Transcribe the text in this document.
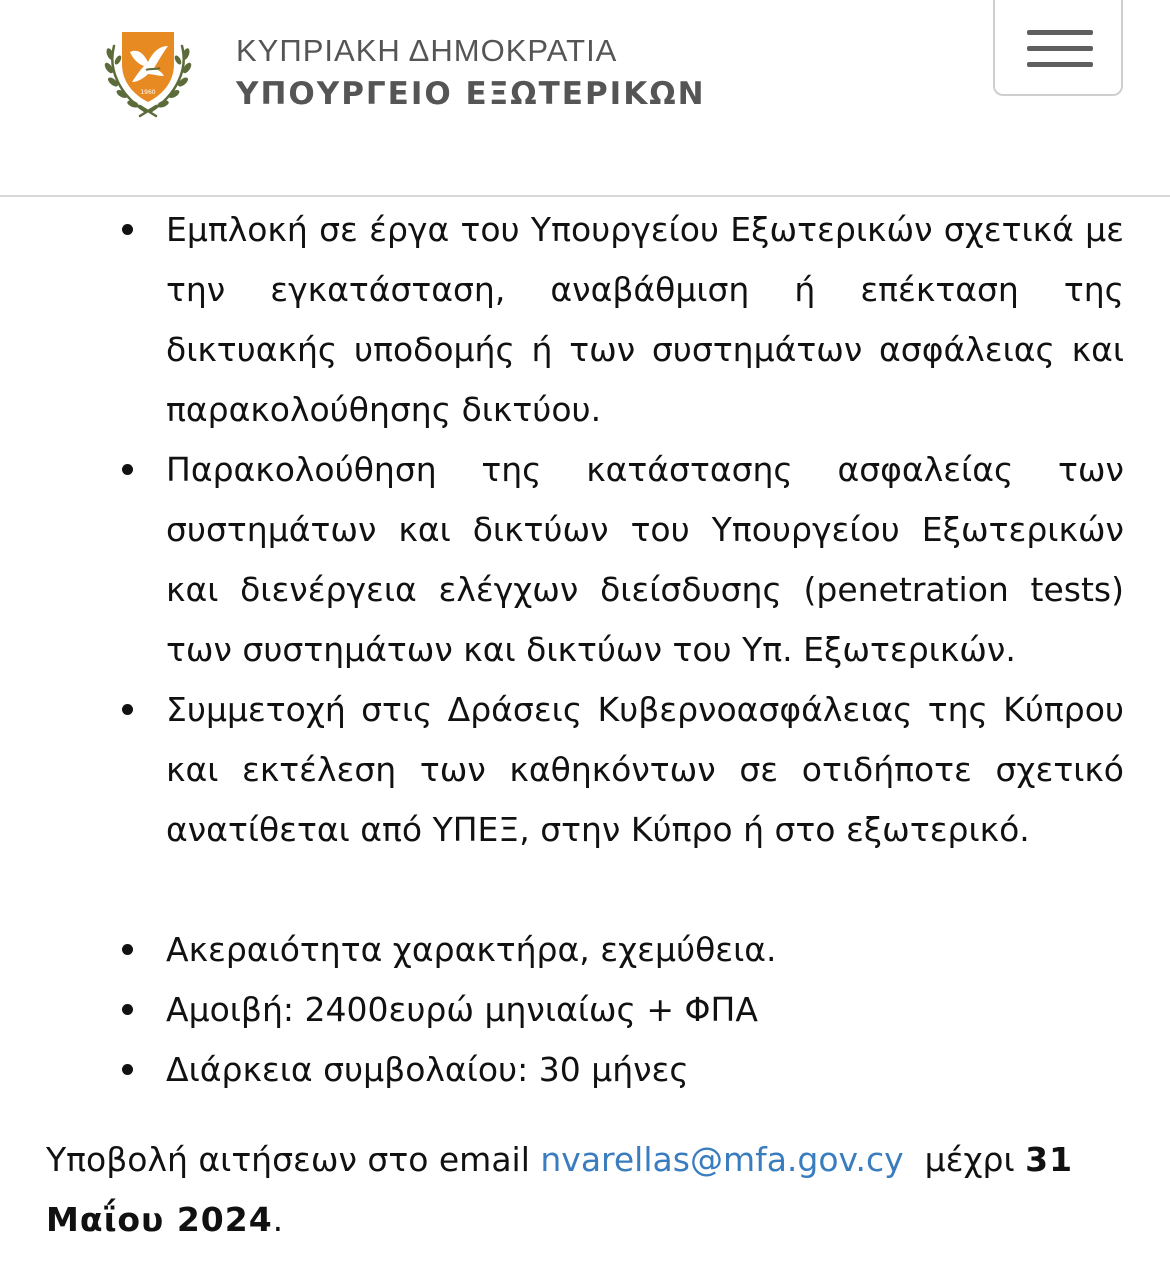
1960
ΚΥΠΡΙΑΚΗ ΔΗΜΟΚΡΑΤΙΑ
ΥΠΟΥΡΓΕΙΟ ΕΞΩΤΕΡΙΚΩΝ
Εμπλοκή σε έργα του Υπουργείου Εξωτερικών σχετικά με την εγκατάσταση, αναβάθμιση ή επέκταση της δικτυακής υποδομής ή των συστημάτων ασφάλειας και παρακολούθησης δικτύου.
Παρακολούθηση της κατάστασης ασφαλείας των συστημάτων και δικτύων του Υπουργείου Εξωτερικών και διενέργεια ελέγχων διείσδυσης (penetration tests) των συστημάτων και δικτύων του Υπ. Εξωτερικών.
Συμμετοχή στις Δράσεις Κυβερνοασφάλειας της Κύπρου και εκτέλεση των καθηκόντων σε οτιδήποτε σχετικό ανατίθεται από ΥΠΕΞ, στην Κύπρο ή στο εξωτερικό.
Ακεραιότητα χαρακτήρα, εχεμύθεια.
Αμοιβή: 2400ευρώ μηνιαίως + ΦΠΑ
Διάρκεια συμβολαίου: 30 μήνες

Υποβολή αιτήσεων στο email nvarellas@mfa.gov.cy  μέχρι 31 Μαΐου 2024.
